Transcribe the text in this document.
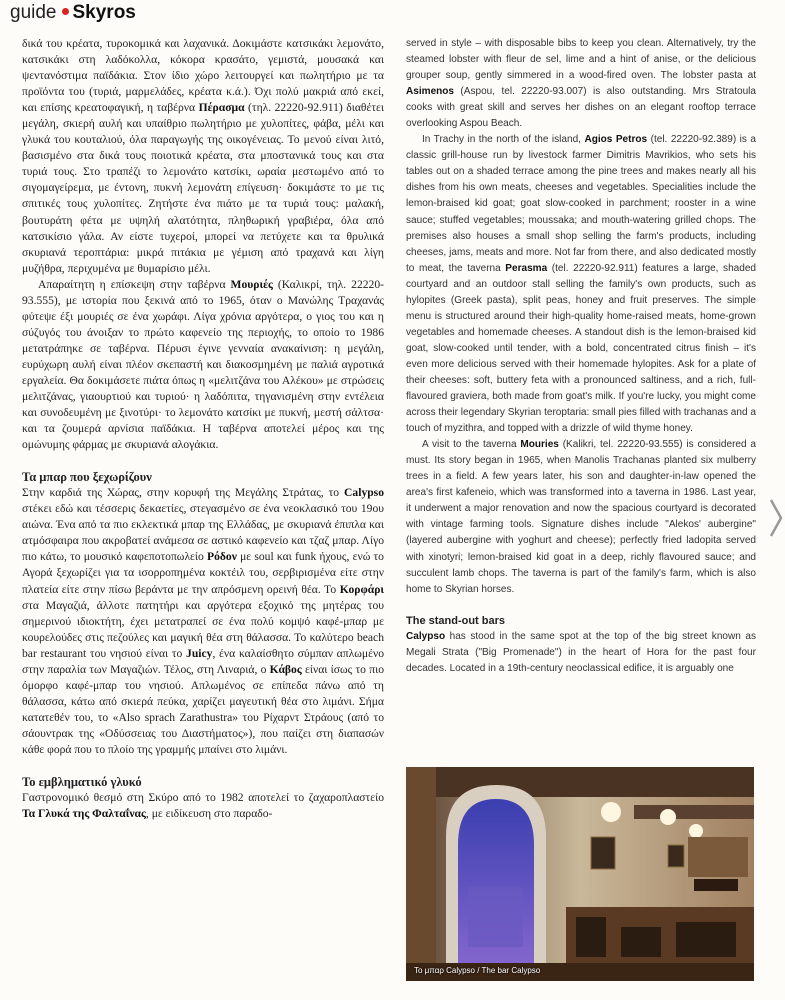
guide Skyros

δικά του κρέατα, τυροκομικά και λαχανικά. Δοκιμάστε κατσικάκι λεμονάτο, κατσικάκι στη λαδόκολλα, κόκορα κρασάτο, γεμιστά, μουσακά και ψεντανόστιμα παϊδάκια. Στον ίδιο χώρο λειτουργεί και πωλητήριο με τα προϊόντα του (τυριά, μαρμελάδες, κρέατα κ.ά.). Όχι πολύ μακριά από εκεί, και επίσης κρεατοφαγική, η ταβέρνα Πέρασμα (τηλ. 22220-92.911) διαθέτει μεγάλη, σκιερή αυλή και υπαίθριο πωλητήριο με χυλοπίτες, φάβα, μέλι και γλυκά του κουταλιού, όλα παραγωγής της οικογένειας. Το μενού είναι λιτό, βασισμένο στα δικά τους ποιοτικά κρέατα, στα μποστανικά τους και στα τυριά τους. Στο τραπέζι το λεμονάτο κατσίκι, ωραία μεστωμένο από το σιγομαγείρεμα, με έντονη, πυκνή λεμονάτη επίγευση· δοκιμάστε το με τις σπιτικές τους χυλοπίτες. Ζητήστε ένα πιάτο με τα τυριά τους: μαλακή, βουτυράτη φέτα με υψηλή αλατότητα, πληθωρική γραβιέρα, όλα από κατσικίσιο γάλα. Αν είστε τυχεροί, μπορεί να πετύχετε και τα θρυλικά σκυριανά τεροπτάρια: μικρά πιτάκια με γέμιση από τραχανά και λίγη μυζήθρα, περιχυμένα με θυμαρίσιο μέλι.

Απαραίτητη η επίσκεψη στην ταβέρνα Μουριές (Καλικρί, τηλ. 22220-93.555), με ιστορία που ξεκινά από το 1965, όταν ο Μανώλης Τραχανάς φύτεψε έξι μουριές σε ένα χωράφι. Λίγα χρόνια αργότερα, ο γιος του και η σύζυγός του άνοιξαν το πρώτο καφενείο της περιοχής, το οποίο το 1986 μετατράπηκε σε ταβέρνα. Πέρυσι έγινε γενναία ανακαίνιση: η μεγάλη, ευρύχωρη αυλή είναι πλέον σκεπαστή και διακοσμημένη με παλιά αγροτικά εργαλεία. Θα δοκιμάσετε πιάτα όπως η «μελιτζάνα του Αλέκου» με στρώσεις μελιτζάνας, γιαουρτιού και τυριού· η λαδόπιτα, τηγανισμένη στην εντέλεια και συνοδευμένη με ξινοτύρι· το λεμονάτο κατσίκι με πυκνή, μεστή σάλτσα· και τα ζουμερά αρνίσια παϊδάκια. Η ταβέρνα αποτελεί μέρος και της ομώνυμης φάρμας με σκυριανά αλογάκια.

Τα μπαρ που ξεχωρίζουν

Στην καρδιά της Χώρας, στην κορυφή της Μεγάλης Στράτας, το Calypso στέκει εδώ και τέσσερις δεκαετίες, στεγασμένο σε ένα νεοκλασικό του 19ου αιώνα. Ένα από τα πιο εκλεκτικά μπαρ της Ελλάδας, με σκυριανά έπιπλα και ατμόσφαιρα που ακροβατεί ανάμεσα σε αστικό καφενείο και τζαζ μπαρ. Λίγο πιο κάτω, το μουσικό καφεποτοπωλείο Ρόδον με soul και funk ήχους, ενώ το Αγορά ξεχωρίζει για τα ισορροπημένα κοκτέιλ του, σερβιρισμένα είτε στην πλατεία είτε στην πίσω βεράντα με την απρόσμενη ορεινή θέα. Το Κορφάρι στα Μαγαζιά, άλλοτε πατητήρι και αργότερα εξοχικό της μητέρας του σημερινού ιδιοκτήτη, έχει μετατραπεί σε ένα πολύ κομψό καφέ-μπαρ με κουρελούδες στις πεζούλες και μαγική θέα στη θάλασσα. Το καλύτερο beach bar restaurant του νησιού είναι το Juicy, ένα καλαίσθητο σύμπαν απλωμένο στην παραλία των Μαγαζιών. Τέλος, στη Λιναριά, ο Κάβος είναι ίσως το πιο όμορφο καφέ-μπαρ του νησιού. Απλωμένος σε επίπεδα πάνω από τη θάλασσα, κάτω από σκιερά πεύκα, χαρίζει μαγευτική θέα στο λιμάνι. Σήμα κατατεθέν του, το «Also sprach Zarathustra» του Ρίχαρντ Στράους (από το σάουντρακ της «Οδύσσειας του Διαστήματος»), που παίζει στη διαπασών κάθε φορά που το πλοίο της γραμμής μπαίνει στο λιμάνι.

Το εμβληματικό γλυκό

Γαστρονομικό θεσμό στη Σκύρο από το 1982 αποτελεί το ζαχαροπλαστείο Τα Γλυκά της Φαλταΐνας, με ειδίκευση στο παραδο-

served in style – with disposable bibs to keep you clean. Alternatively, try the steamed lobster with fleur de sel, lime and a hint of anise, or the delicious grouper soup, gently simmered in a wood-fired oven. The lobster pasta at Asimenos (Aspou, tel. 22220-93.007) is also outstanding. Mrs Stratoula cooks with great skill and serves her dishes on an elegant rooftop terrace overlooking Aspou Beach.

In Trachy in the north of the island, Agios Petros (tel. 22220-92.389) is a classic grill-house run by livestock farmer Dimitris Mavrikios, who sets his tables out on a shaded terrace among the pine trees and makes nearly all his dishes from his own meats, cheeses and vegetables. Specialities include the lemon-braised kid goat; goat slow-cooked in parchment; rooster in a wine sauce; stuffed vegetables; moussaka; and mouth-watering grilled chops. The premises also houses a small shop selling the farm's products, including cheeses, jams, meats and more. Not far from there, and also dedicated mostly to meat, the taverna Perasma (tel. 22220-92.911) features a large, shaded courtyard and an outdoor stall selling the family's own products, such as hylopites (Greek pasta), split peas, honey and fruit preserves. The simple menu is structured around their high-quality home-raised meats, home-grown vegetables and homemade cheeses. A standout dish is the lemon-braised kid goat, slow-cooked until tender, with a bold, concentrated citrus finish – it's even more delicious served with their homemade hylopites. Ask for a plate of their cheeses: soft, buttery feta with a pronounced saltiness, and a rich, full-flavoured graviera, both made from goat's milk. If you're lucky, you might come across their legendary Skyrian teroptaria: small pies filled with trachanas and a touch of myzithra, and topped with a drizzle of wild thyme honey.

A visit to the taverna Mouries (Kalikri, tel. 22220-93.555) is considered a must. Its story began in 1965, when Manolis Trachanas planted six mulberry trees in a field. A few years later, his son and daughter-in-law opened the area's first kafeneio, which was transformed into a taverna in 1986. Last year, it underwent a major renovation and now the spacious courtyard is decorated with vintage farming tools. Signature dishes include "Alekos' aubergine" (layered aubergine with yoghurt and cheese); perfectly fried ladopita served with xinotyri; lemon-braised kid goat in a deep, richly flavoured sauce; and succulent lamb chops. The taverna is part of the family's farm, which is also home to Skyrian horses.

The stand-out bars

Calypso has stood in the same spot at the top of the big street known as Megali Strata ("Big Promenade") in the heart of Hora for the past four decades. Located in a 19th-century neoclassical edifice, it is arguably one

Το μπαρ Calypso / The bar Calypso
